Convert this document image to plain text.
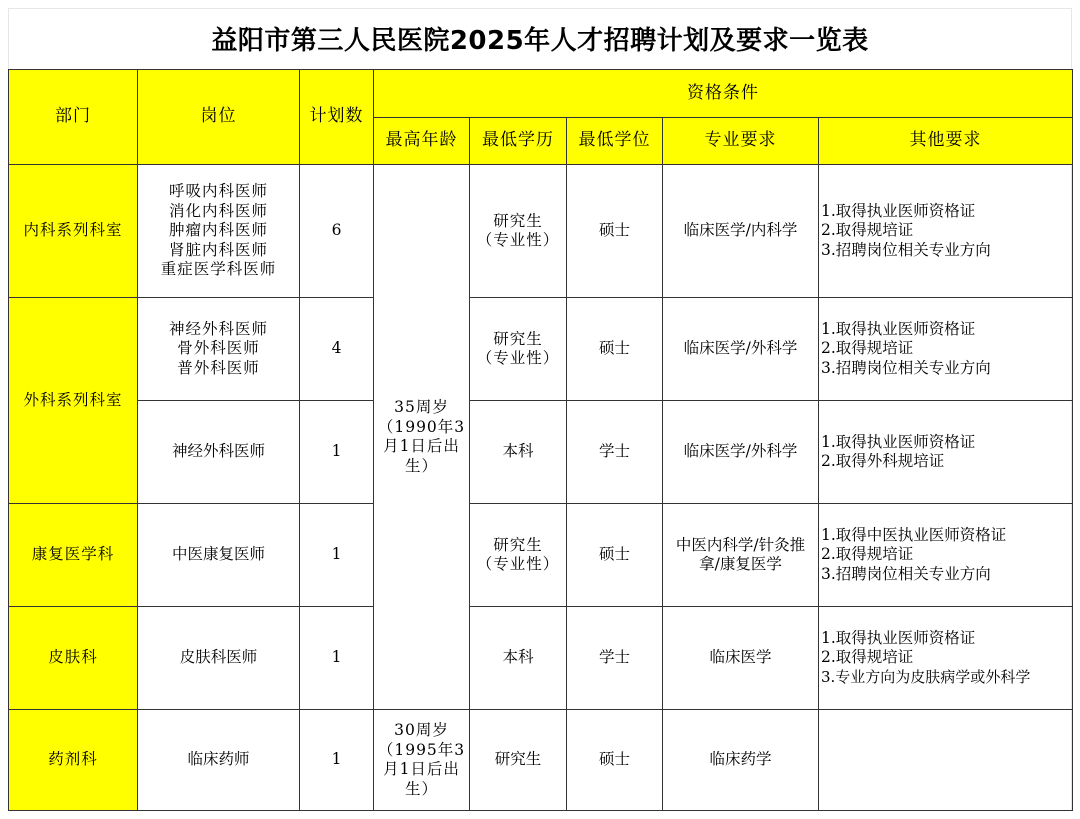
益阳市第三人民医院2025年人才招聘计划及要求一览表
部门	岗位	计划数	资格条件				
			最高年龄	最低学历	最低学位	专业要求	其他要求
内科系列科室	呼吸内科医师
消化内科医师
肿瘤内科医师
肾脏内科医师
重症医学科医师	6	35周岁
（1990年3
月1日后出
生）	研究生
（专业性）	硕士	临床医学/内科学	1.取得执业医师资格证
2.取得规培证
3.招聘岗位相关专业方向

外科系列科室	神经外科医师
骨外科医师
普外科医师	4		研究生
（专业性）	硕士	临床医学/外科学	1.取得执业医师资格证
2.取得规培证
3.招聘岗位相关专业方向

	神经外科医师	1		本科	学士	临床医学/外科学	1.取得执业医师资格证
2.取得外科规培证

康复医学科	中医康复医师	1		研究生
（专业性）	硕士	中医内科学/针灸推
拿/康复医学	1.取得中医执业医师资格证
2.取得规培证
3.招聘岗位相关专业方向

皮肤科	皮肤科医师	1		本科	学士	临床医学	1.取得执业医师资格证
2.取得规培证
3.专业方向为皮肤病学或外科学

药剂科	临床药师	1	30周岁
（1995年3
月1日后出
生）	研究生	硕士	临床药学	
